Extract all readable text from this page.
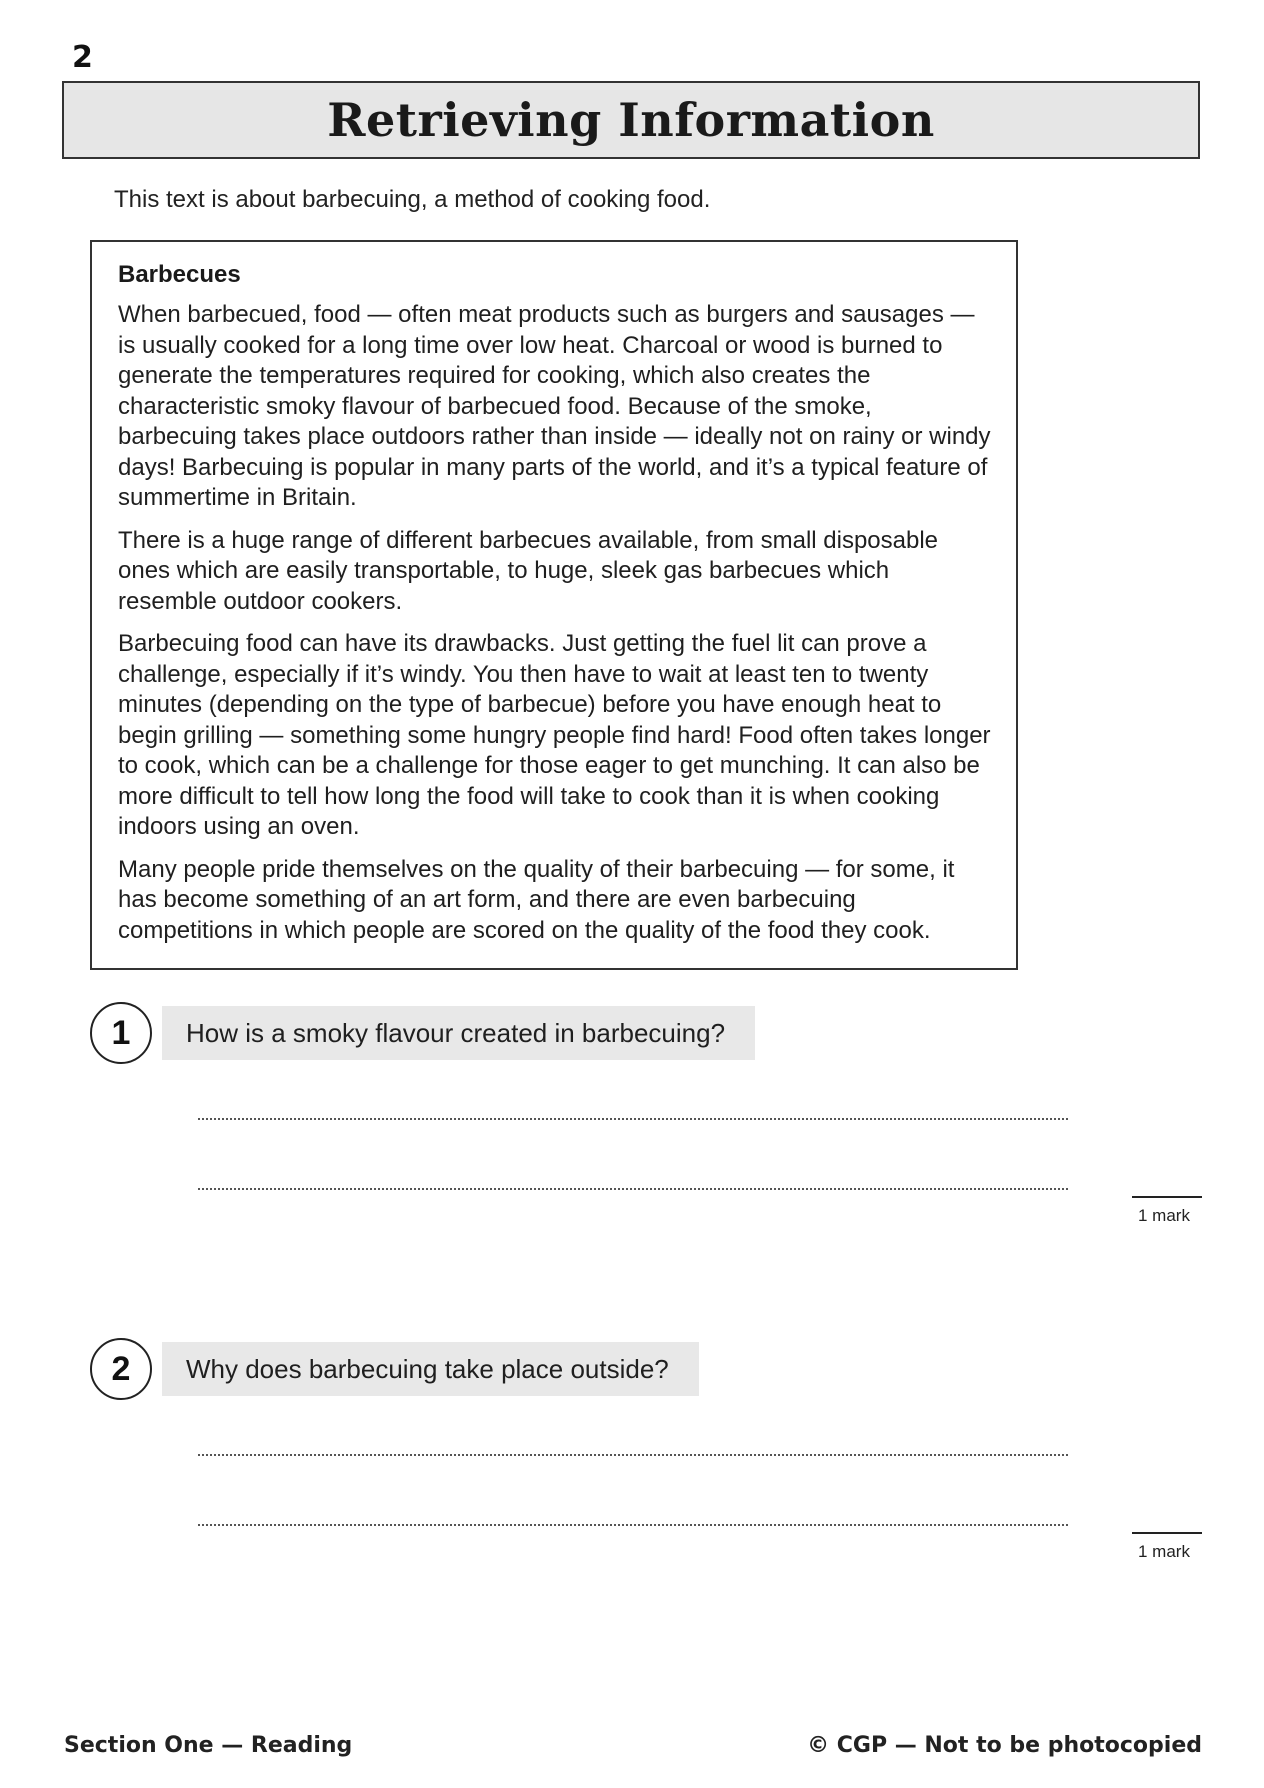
2
Retrieving Information
This text is about barbecuing, a method of cooking food.

Barbecues

When barbecued, food — often meat products such as burgers and sausages — is usually cooked for a long time over low heat. Charcoal or wood is burned to generate the temperatures required for cooking, which also creates the characteristic smoky flavour of barbecued food. Because of the smoke, barbecuing takes place outdoors rather than inside — ideally not on rainy or windy days! Barbecuing is popular in many parts of the world, and it’s a typical feature of summertime in Britain.

There is a huge range of different barbecues available, from small disposable ones which are easily transportable, to huge, sleek gas barbecues which resemble outdoor cookers.

Barbecuing food can have its drawbacks. Just getting the fuel lit can prove a challenge, especially if it’s windy. You then have to wait at least ten to twenty minutes (depending on the type of barbecue) before you have enough heat to begin grilling — something some hungry people find hard! Food often takes longer to cook, which can be a challenge for those eager to get munching. It can also be more difficult to tell how long the food will take to cook than it is when cooking indoors using an oven.

Many people pride themselves on the quality of their barbecuing — for some, it has become something of an art form, and there are even barbecuing competitions in which people are scored on the quality of the food they cook.

1	How is a smoky flavour created in barbecuing?
1 mark
2	Why does barbecuing take place outside?
1 mark
Section One — Reading	© CGP — Not to be photocopied
